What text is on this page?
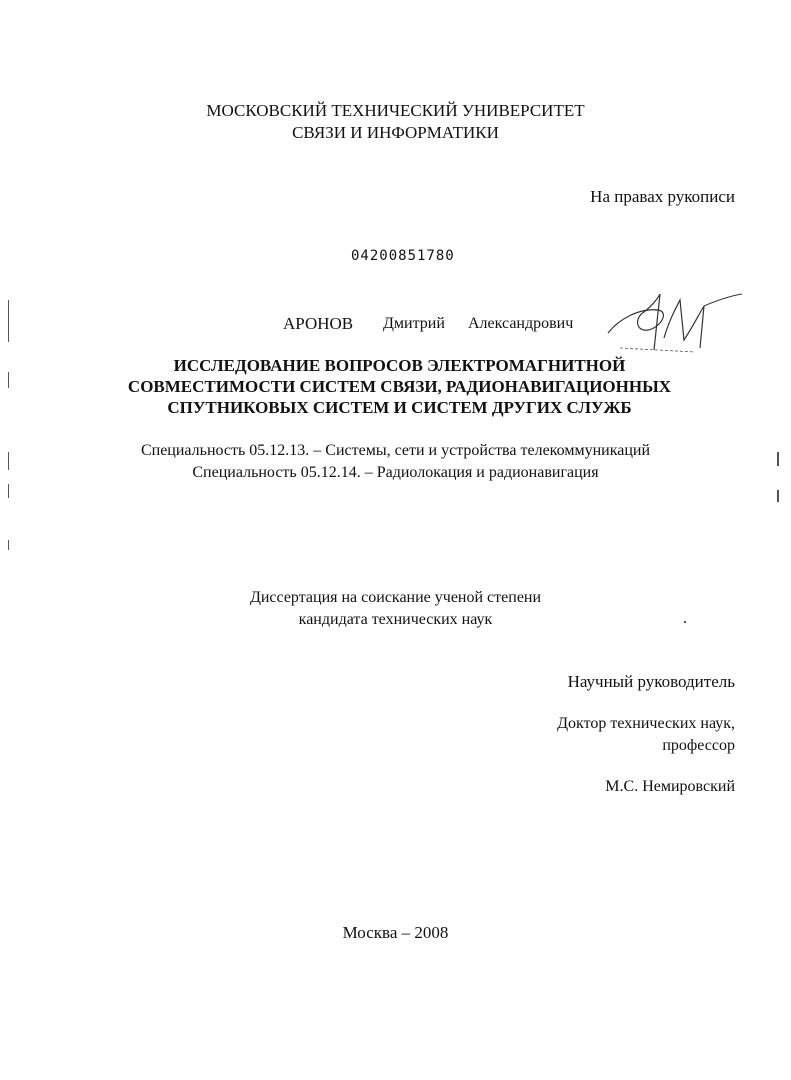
МОСКОВСКИЙ ТЕХНИЧЕСКИЙ УНИВЕРСИТЕТ
СВЯЗИ И ИНФОРМАТИКИ
На правах рукописи
04200851780
АРОНОВ Дмитрий Александрович
ИССЛЕДОВАНИЕ ВОПРОСОВ ЭЛЕКТРОМАГНИТНОЙ
СОВМЕСТИМОСТИ СИСТЕМ СВЯЗИ, РАДИОНАВИГАЦИОННЫХ
СПУТНИКОВЫХ СИСТЕМ И СИСТЕМ ДРУГИХ СЛУЖБ
Специальность 05.12.13. – Системы, сети и устройства телекоммуникаций
Специальность 05.12.14. – Радиолокация и радионавигация
Диссертация на соискание ученой степени
кандидата технических наук
Научный руководитель
Доктор технических наук,
профессор
М.С. Немировский
Москва – 2008
